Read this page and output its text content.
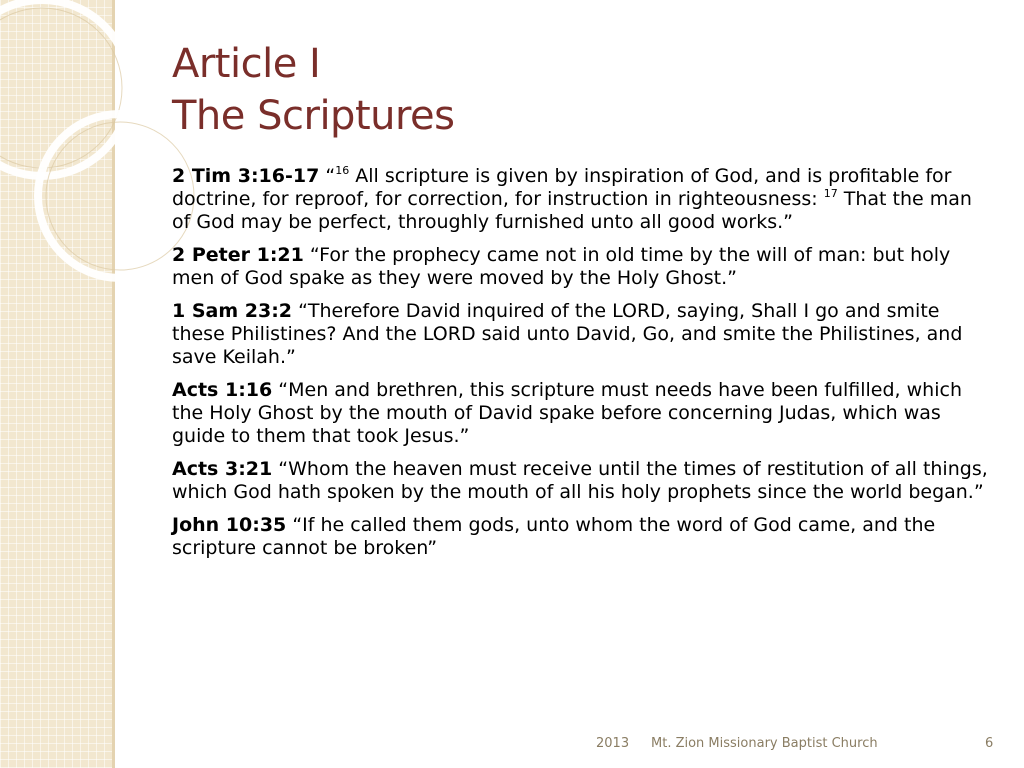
Article I
The Scriptures

2 Tim 3:16-17 “$^{16}$ All scripture is given by inspiration of God, and is profitable for doctrine, for reproof, for correction, for instruction in righteousness: $^{17}$ That the man of God may be perfect, throughly furnished unto all good works.”

2 Peter 1:21 “For the prophecy came not in old time by the will of man: but holy men of God spake as they were moved by the Holy Ghost.”

1 Sam 23:2 “Therefore David inquired of the LORD, saying, Shall I go and smite these Philistines? And the LORD said unto David, Go, and smite the Philistines, and save Keilah.”

Acts 1:16 “Men and brethren, this scripture must needs have been fulfilled, which the Holy Ghost by the mouth of David spake before concerning Judas, which was guide to them that took Jesus.”

Acts 3:21 “Whom the heaven must receive until the times of restitution of all things, which God hath spoken by the mouth of all his holy prophets since the world began.”

John 10:35 “If he called them gods, unto whom the word of God came, and the scripture cannot be broken”

2013 Mt. Zion Missionary Baptist Church	6
